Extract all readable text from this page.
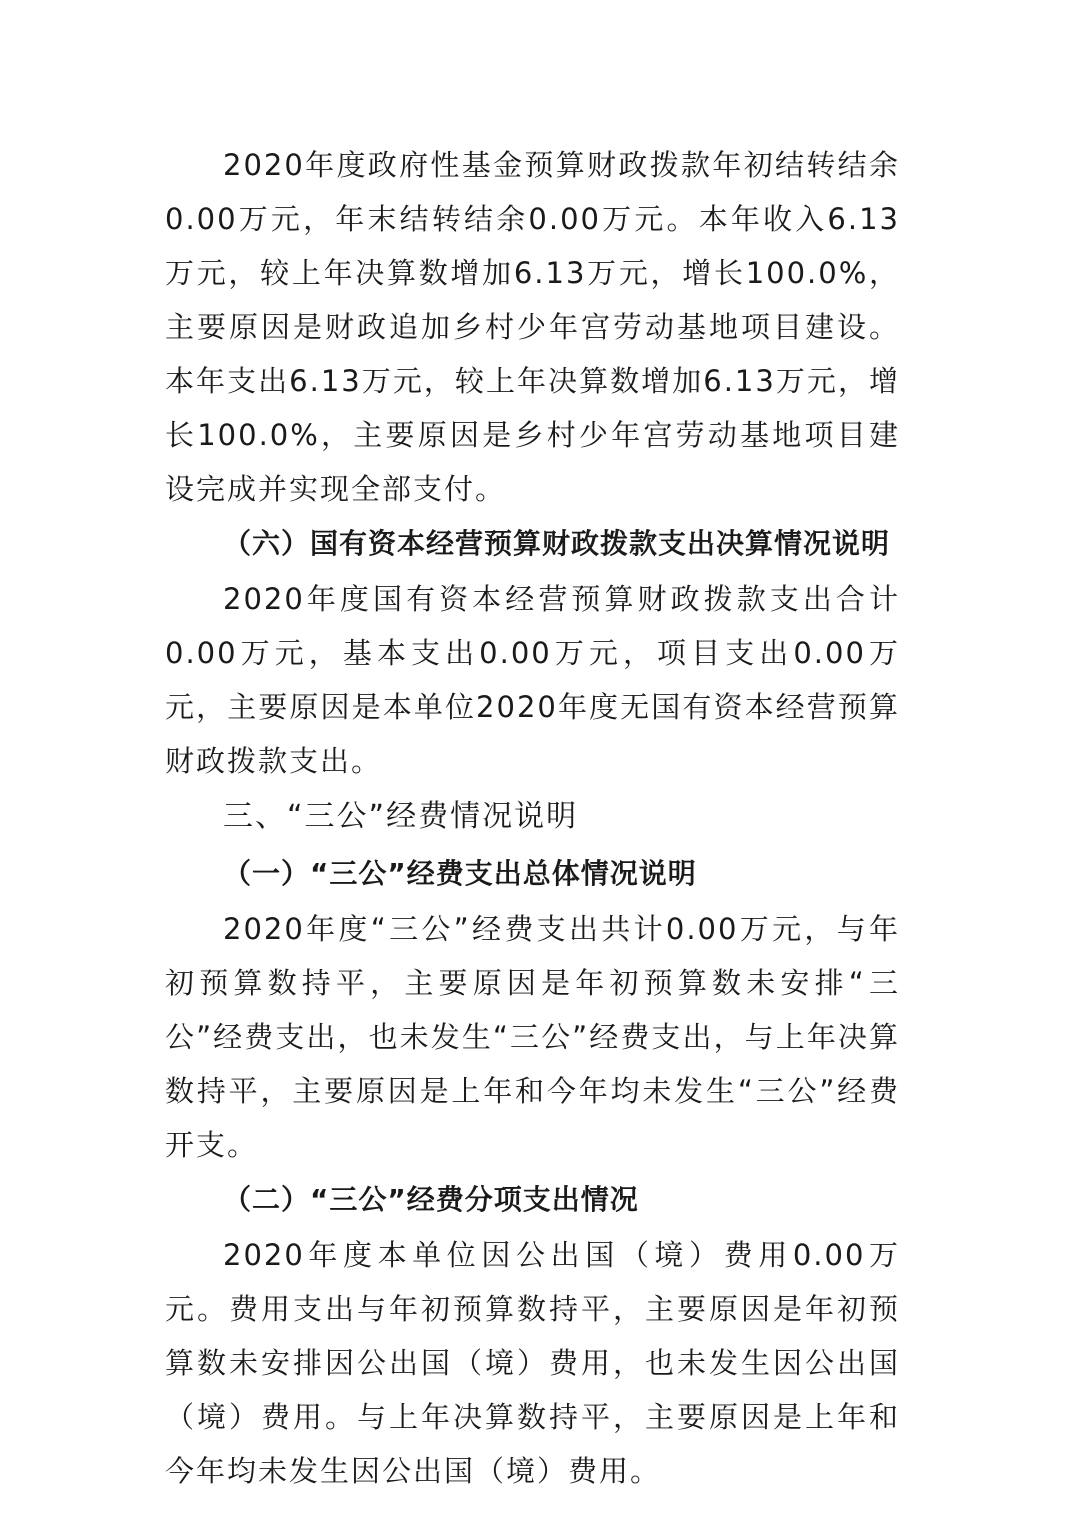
2020年度政府性基金预算财政拨款年初结转结余0.00万元，年末结转结余0.00万元。本年收入6.13万元，较上年决算数增加6.13万元，增长100.0%，主要原因是财政追加乡村少年宫劳动基地项目建设。本年支出6.13万元，较上年决算数增加6.13万元，增长100.0%，主要原因是乡村少年宫劳动基地项目建设完成并实现全部支付。

（六）国有资本经营预算财政拨款支出决算情况说明

2020年度国有资本经营预算财政拨款支出合计0.00万元，基本支出0.00万元，项目支出0.00万元，主要原因是本单位2020年度无国有资本经营预算财政拨款支出。

三、“三公”经费情况说明
（一）“三公”经费支出总体情况说明

2020年度“三公”经费支出共计0.00万元，与年初预算数持平，主要原因是年初预算数未安排“三公”经费支出，也未发生“三公”经费支出，与上年决算数持平，主要原因是上年和今年均未发生“三公”经费开支。

（二）“三公”经费分项支出情况

2020年度本单位因公出国（境）费用0.00万元。费用支出与年初预算数持平，主要原因是年初预算数未安排因公出国（境）费用，也未发生因公出国（境）费用。与上年决算数持平，主要原因是上年和今年均未发生因公出国（境）费用。
